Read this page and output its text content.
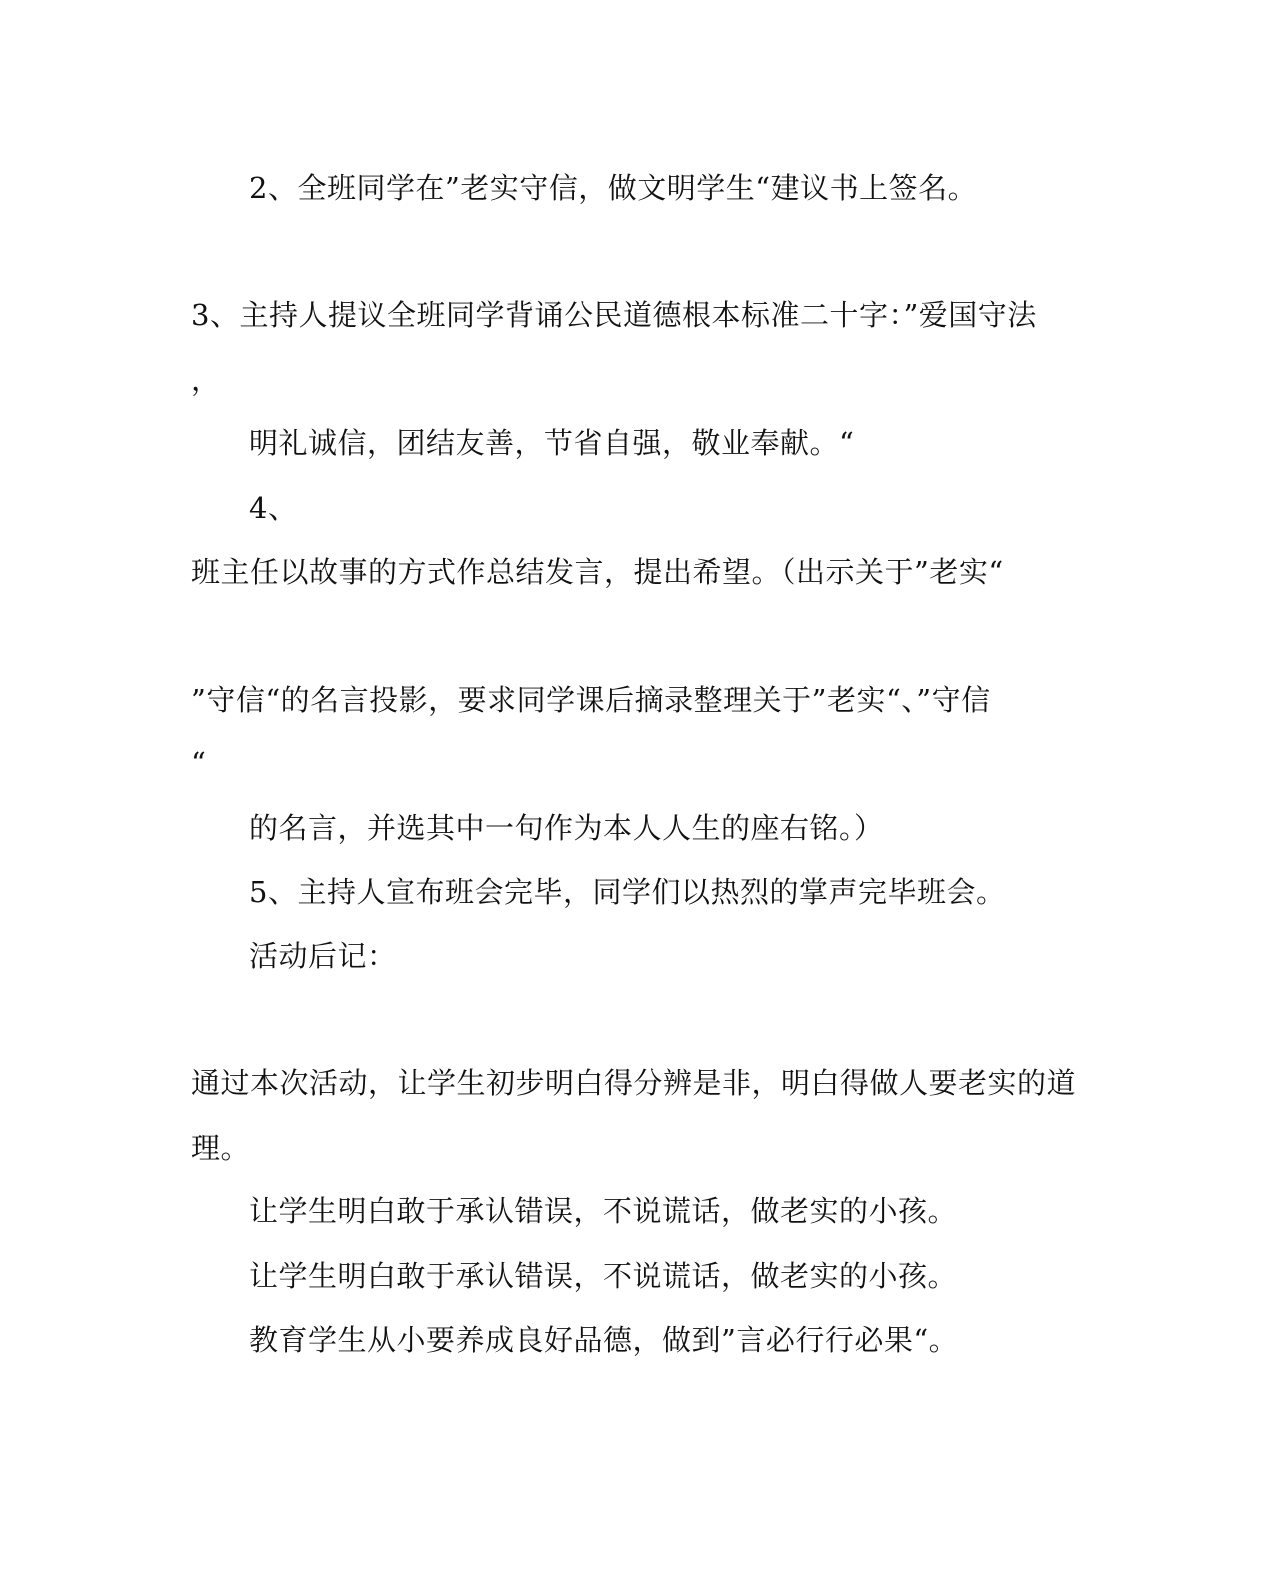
2、全班同学在”老实守信，做文明学生“建议书上签名。
3、主持人提议全班同学背诵公民道德根本标准二十字：”爱国守法
，
明礼诚信，团结友善，节省自强，敬业奉献。“
4、
班主任以故事的方式作总结发言，提出希望。（出示关于”老实“
”守信“的名言投影，要求同学课后摘录整理关于”老实“、”守信
“
的名言，并选其中一句作为本人人生的座右铭。）
5、主持人宣布班会完毕，同学们以热烈的掌声完毕班会。
活动后记：
通过本次活动，让学生初步明白得分辨是非，明白得做人要老实的道
理。
让学生明白敢于承认错误，不说谎话，做老实的小孩。
让学生明白敢于承认错误，不说谎话，做老实的小孩。
教育学生从小要养成良好品德，做到”言必行行必果“。
